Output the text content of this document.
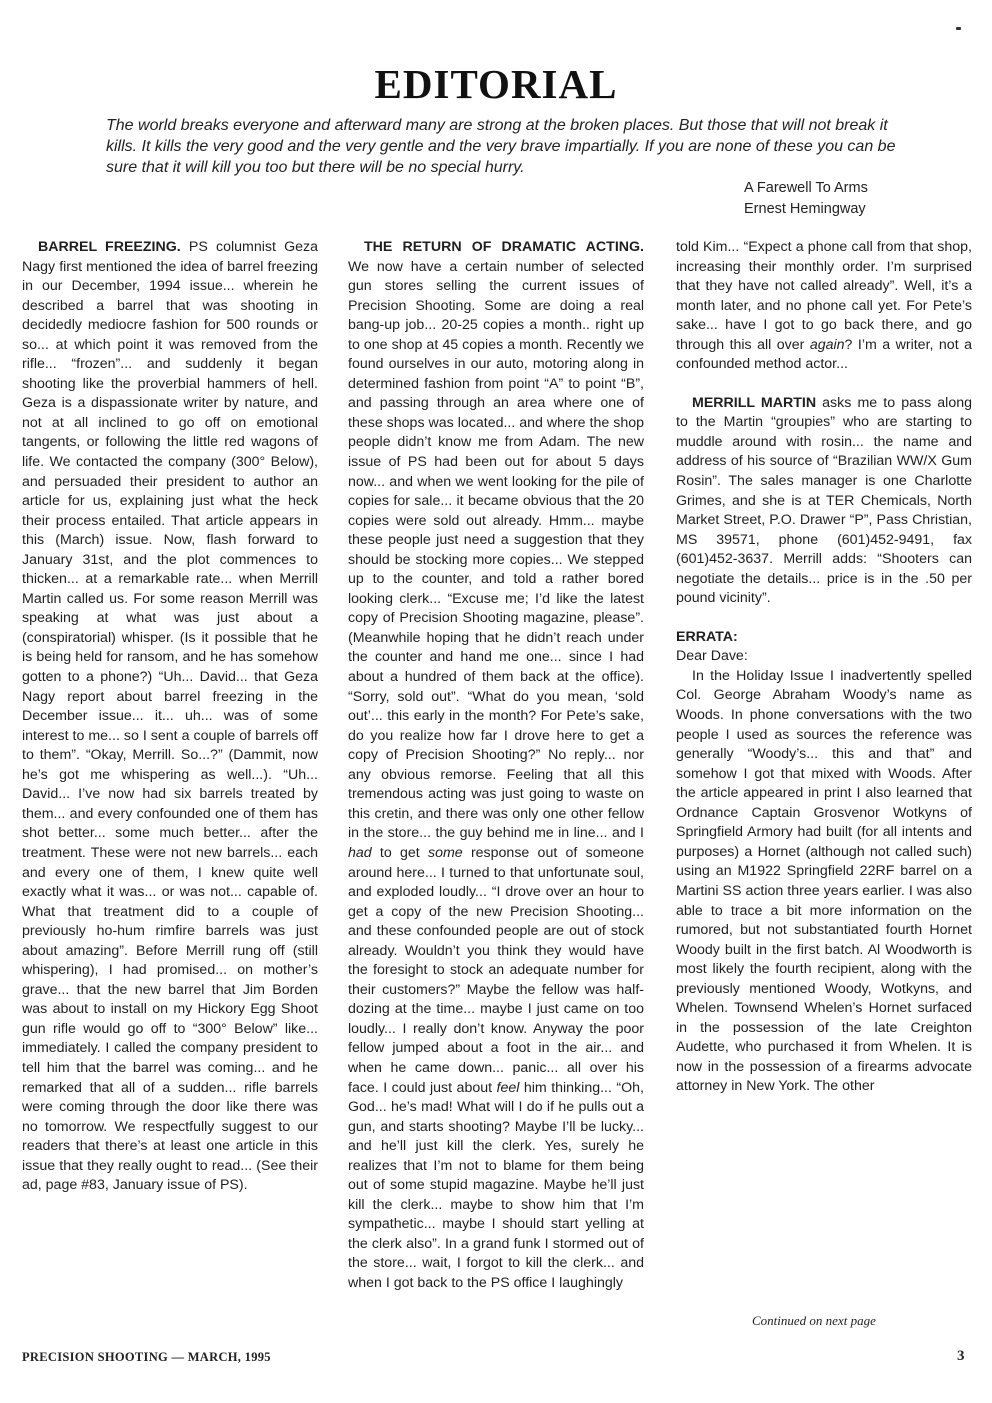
EDITORIAL
The world breaks everyone and afterward many are strong at the broken places. But those that will not break it kills. It kills the very good and the very gentle and the very brave impartially. If you are none of these you can be sure that it will kill you too but there will be no special hurry.
A Farewell To Arms
Ernest Hemingway

BARREL FREEZING. PS columnist Geza Nagy first mentioned the idea of barrel freezing in our December, 1994 issue... wherein he described a barrel that was shooting in decidedly mediocre fashion for 500 rounds or so... at which point it was removed from the rifle... “frozen”... and suddenly it began shooting like the proverbial hammers of hell. Geza is a dispassionate writer by nature, and not at all inclined to go off on emotional tangents, or following the little red wagons of life. We contacted the company (300° Below), and persuaded their president to author an article for us, explaining just what the heck their process entailed. That article appears in this (March) issue. Now, flash forward to January 31st, and the plot commences to thicken... at a remarkable rate... when Merrill Martin called us. For some reason Merrill was speaking at what was just about a (conspiratorial) whisper. (Is it possible that he is being held for ransom, and he has somehow gotten to a phone?) “Uh... David... that Geza Nagy report about barrel freezing in the December issue... it... uh... was of some interest to me... so I sent a couple of barrels off to them”. “Okay, Merrill. So...?” (Dammit, now he’s got me whispering as well...). “Uh... David... I’ve now had six barrels treated by them... and every confounded one of them has shot better... some much better... after the treatment. These were not new barrels... each and every one of them, I knew quite well exactly what it was... or was not... capable of. What that treatment did to a couple of previously ho-hum rimfire barrels was just about amazing”. Before Merrill rung off (still whispering), I had promised... on mother’s grave... that the new barrel that Jim Borden was about to install on my Hickory Egg Shoot gun rifle would go off to “300° Below” like... immediately. I called the company president to tell him that the barrel was coming... and he remarked that all of a sudden... rifle barrels were coming through the door like there was no tomorrow. We respectfully suggest to our readers that there’s at least one article in this issue that they really ought to read... (See their ad, page #83, January issue of PS).

THE RETURN OF DRAMATIC ACTING. We now have a certain number of selected gun stores selling the current issues of Precision Shooting. Some are doing a real bang-up job... 20-25 copies a month.. right up to one shop at 45 copies a month. Recently we found ourselves in our auto, motoring along in determined fashion from point “A” to point “B”, and passing through an area where one of these shops was located... and where the shop people didn’t know me from Adam. The new issue of PS had been out for about 5 days now... and when we went looking for the pile of copies for sale... it became obvious that the 20 copies were sold out already. Hmm... maybe these people just need a suggestion that they should be stocking more copies... We stepped up to the counter, and told a rather bored looking clerk... “Excuse me; I’d like the latest copy of Precision Shooting magazine, please”. (Meanwhile hoping that he didn’t reach under the counter and hand me one... since I had about a hundred of them back at the office). “Sorry, sold out”. “What do you mean, ‘sold out’... this early in the month? For Pete’s sake, do you realize how far I drove here to get a copy of Precision Shooting?” No reply... nor any obvious remorse. Feeling that all this tremendous acting was just going to waste on this cretin, and there was only one other fellow in the store... the guy behind me in line... and I had to get some response out of someone around here... I turned to that unfortunate soul, and exploded loudly... “I drove over an hour to get a copy of the new Precision Shooting... and these confounded people are out of stock already. Wouldn’t you think they would have the foresight to stock an adequate number for their customers?” Maybe the fellow was half-dozing at the time... maybe I just came on too loudly... I really don’t know. Anyway the poor fellow jumped about a foot in the air... and when he came down... panic... all over his face. I could just about feel him thinking... “Oh, God... he’s mad! What will I do if he pulls out a gun, and starts shooting? Maybe I’ll be lucky... and he’ll just kill the clerk. Yes, surely he realizes that I’m not to blame for them being out of some stupid magazine. Maybe he’ll just kill the clerk... maybe to show him that I’m sympathetic... maybe I should start yelling at the clerk also”. In a grand funk I stormed out of the store... wait, I forgot to kill the clerk... and when I got back to the PS office I laughingly

told Kim... “Expect a phone call from that shop, increasing their monthly order. I’m surprised that they have not called already”. Well, it’s a month later, and no phone call yet. For Pete’s sake... have I got to go back there, and go through this all over again? I’m a writer, not a confounded method actor...

MERRILL MARTIN asks me to pass along to the Martin “groupies” who are starting to muddle around with rosin... the name and address of his source of “Brazilian WW/X Gum Rosin”. The sales manager is one Charlotte Grimes, and she is at TER Chemicals, North Market Street, P.O. Drawer “P”, Pass Christian, MS 39571, phone (601)452-9491, fax (601)452-3637. Merrill adds: “Shooters can negotiate the details... price is in the .50 per pound vicinity”.

ERRATA:

Dear Dave:

In the Holiday Issue I inadvertently spelled Col. George Abraham Woody’s name as Woods. In phone conversations with the two people I used as sources the reference was generally “Woody’s... this and that” and somehow I got that mixed with Woods. After the article appeared in print I also learned that Ordnance Captain Grosvenor Wotkyns of Springfield Armory had built (for all intents and purposes) a Hornet (although not called such) using an M1922 Springfield 22RF barrel on a Martini SS action three years earlier. I was also able to trace a bit more information on the rumored, but not substantiated fourth Hornet Woody built in the first batch. Al Woodworth is most likely the fourth recipient, along with the previously mentioned Woody, Wotkyns, and Whelen. Townsend Whelen’s Hornet surfaced in the possession of the late Creighton Audette, who purchased it from Whelen. It is now in the possession of a firearms advocate attorney in New York. The other

Continued on next page
PRECISION SHOOTING — MARCH, 1995	3
